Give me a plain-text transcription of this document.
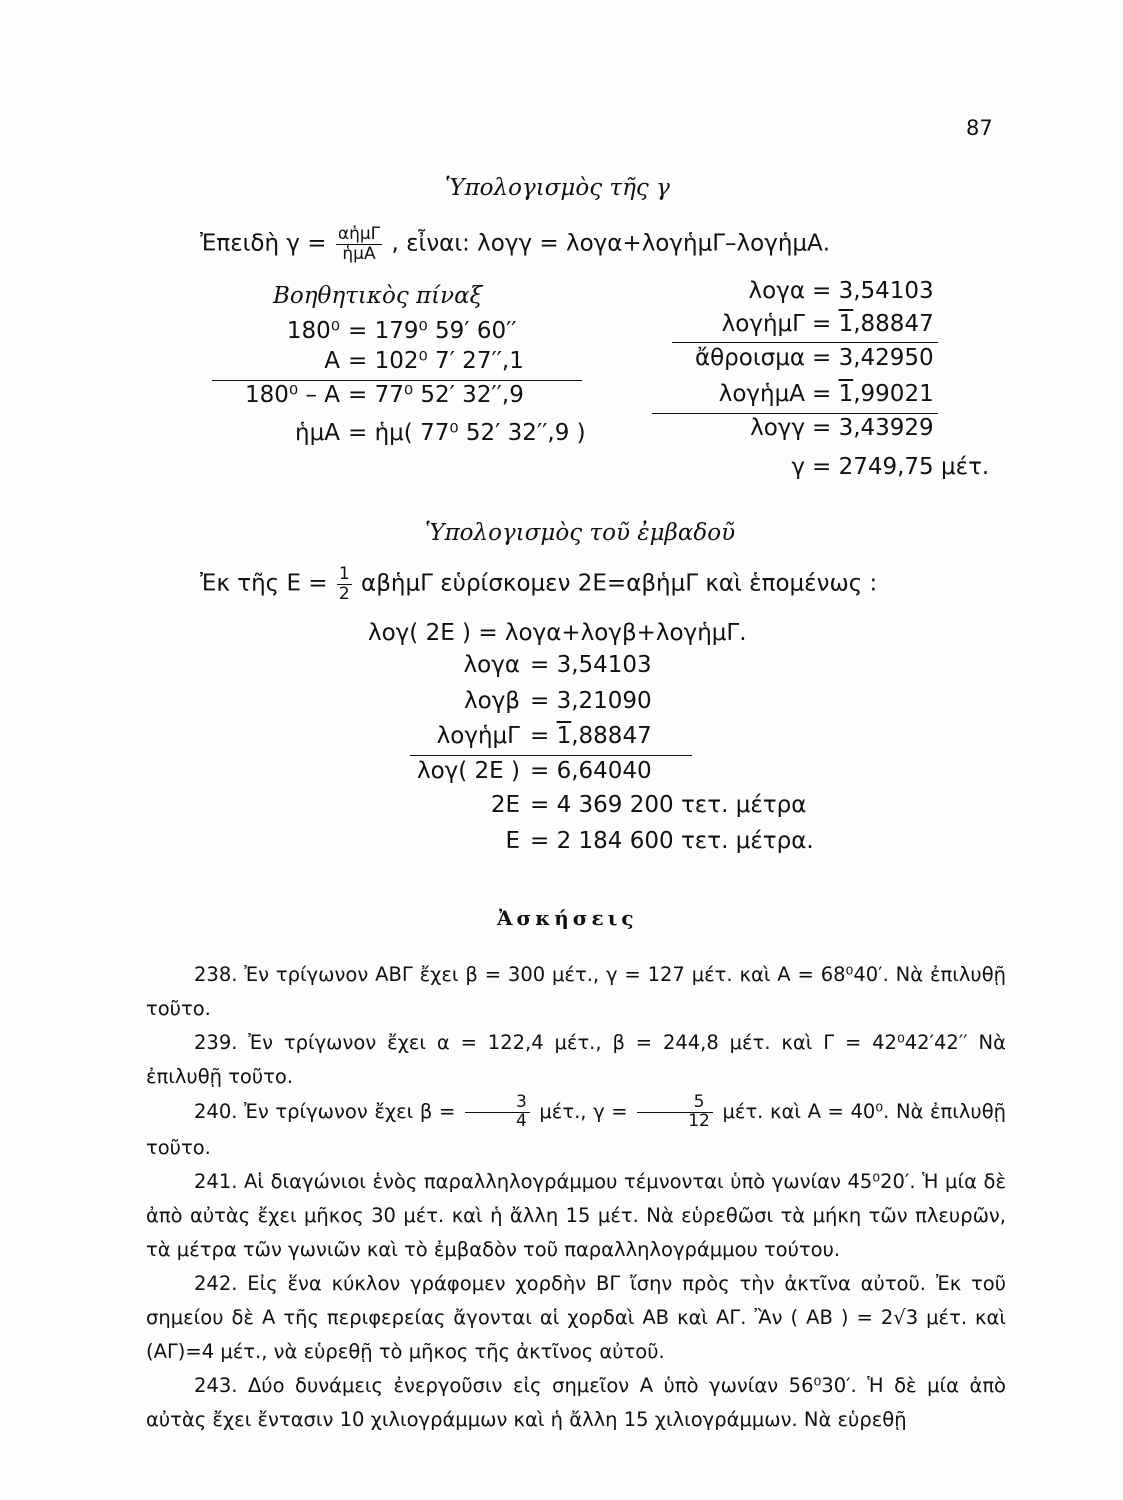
87
Ὑπολογισμὸς τῆς γ
Ἐπειδὴ $\gamma = \frac{\text{αἡμΓ}}{\text{ἡμΑ}}$ , εἶναι: λογγ = λογα+λογἡμΓ–λογἡμΑ.
Βοηθητικὸς πίναξ
180⁰ = 179⁰ 59′ 60′′
Α = 102⁰ 7′ 27′′,1
180⁰ – Α = 77⁰ 52′ 32′′,9
ἡμΑ = ἡμ( 77⁰ 52′ 32′′,9 )
λογα = 3,54103
λογἡμΓ = 1,88847
ἄθροισμα = 3,42950
λογἡμΑ = 1,99021
λογγ = 3,43929
γ = 2749,75 μέτ.
Ὑπολογισμὸς τοῦ ἐμβαδοῦ
Ἐκ τῆς $E = \frac{1}{2}$ αβἡμΓ εὑρίσκομεν 2Ε=αβἡμΓ καὶ ἑπομένως :
λογ( 2Ε ) = λογα+λογβ+λογἡμΓ.
λογα = 3,54103
λογβ = 3,21090
λογἡμΓ = 1,88847
λογ( 2Ε ) = 6,64040
2Ε = 4 369 200 τετ. μέτρα
Ε = 2 184 600 τετ. μέτρα.
Ἀσκήσεις

238. Ἐν τρίγωνον ΑΒΓ ἔχει β = 300 μέτ., γ = 127 μέτ. καὶ Α = 68⁰40′. Νὰ ἐπιλυθῇ τοῦτο.

239. Ἐν τρίγωνον ἔχει α = 122,4 μέτ., β = 244,8 μέτ. καὶ Γ = 42⁰42′42′′ Νὰ ἐπιλυθῇ τοῦτο.

240. Ἐν τρίγωνον ἔχει $\beta = \frac{3}{4} \mu έ\tau$., $\gamma = \frac{5}{12} \mu έ\tau$. καὶ Α = 40⁰. Νὰ ἐπιλυθῇ τοῦτο.

241. Αἱ διαγώνιοι ἑνὸς παραλληλογράμμου τέμνονται ὑπὸ γωνίαν 45⁰20′. Ἡ μία δὲ ἀπὸ αὐτὰς ἔχει μῆκος 30 μέτ. καὶ ἡ ἄλλη 15 μέτ. Νὰ εὑρεθῶσι τὰ μήκη τῶν πλευρῶν, τὰ μέτρα τῶν γωνιῶν καὶ τὸ ἐμβαδὸν τοῦ παραλληλογράμμου τούτου.

242. Εἰς ἕνα κύκλον γράφομεν χορδὴν ΒΓ ἴσην πρὸς τὴν ἀκτῖνα αὐτοῦ. Ἐκ τοῦ σημείου δὲ Α τῆς περιφερείας ἄγονται αἱ χορδαὶ ΑΒ καὶ ΑΓ. Ἂν ( ΑΒ ) = 2√3 μέτ. καὶ (ΑΓ)=4 μέτ., νὰ εὑρεθῇ τὸ μῆκος τῆς ἀκτῖνος αὐτοῦ.

243. Δύο δυνάμεις ἐνεργοῦσιν εἰς σημεῖον Α ὑπὸ γωνίαν 56⁰30′. Ἡ δὲ μία ἀπὸ αὐτὰς ἔχει ἔντασιν 10 χιλιογράμμων καὶ ἡ ἄλλη 15 χιλιογράμμων. Νὰ εὑρεθῇ
